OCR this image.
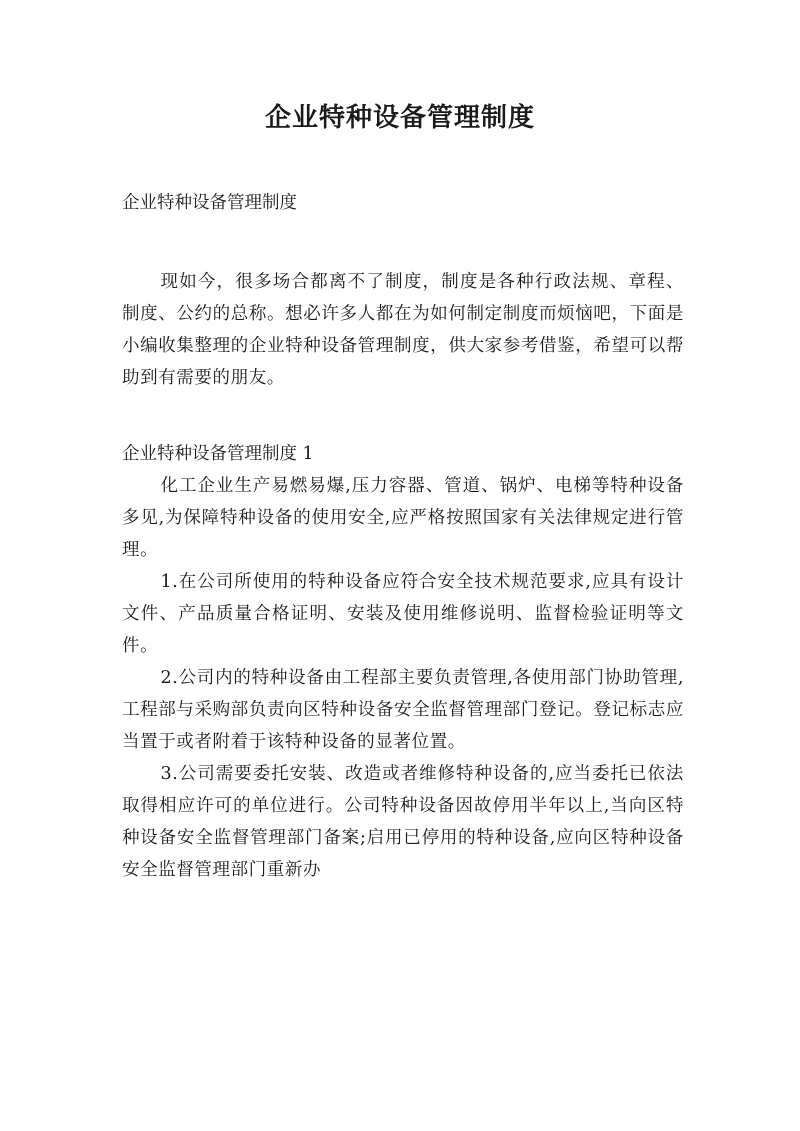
企业特种设备管理制度

企业特种设备管理制度

现如今，很多场合都离不了制度，制度是各种行政法规、章程、制度、公约的总称。想必许多人都在为如何制定制度而烦恼吧，下面是小编收集整理的企业特种设备管理制度，供大家参考借鉴，希望可以帮助到有需要的朋友。

企业特种设备管理制度 1

化工企业生产易燃易爆,压力容器、管道、锅炉、电梯等特种设备多见,为保障特种设备的使用安全,应严格按照国家有关法律规定进行管理。

1.在公司所使用的特种设备应符合安全技术规范要求,应具有设计文件、产品质量合格证明、安装及使用维修说明、监督检验证明等文件。

2.公司内的特种设备由工程部主要负责管理,各使用部门协助管理,工程部与采购部负责向区特种设备安全监督管理部门登记。登记标志应当置于或者附着于该特种设备的显著位置。

3.公司需要委托安装、改造或者维修特种设备的,应当委托已依法取得相应许可的单位进行。公司特种设备因故停用半年以上,当向区特种设备安全监督管理部门备案;启用已停用的特种设备,应向区特种设备安全监督管理部门重新办
